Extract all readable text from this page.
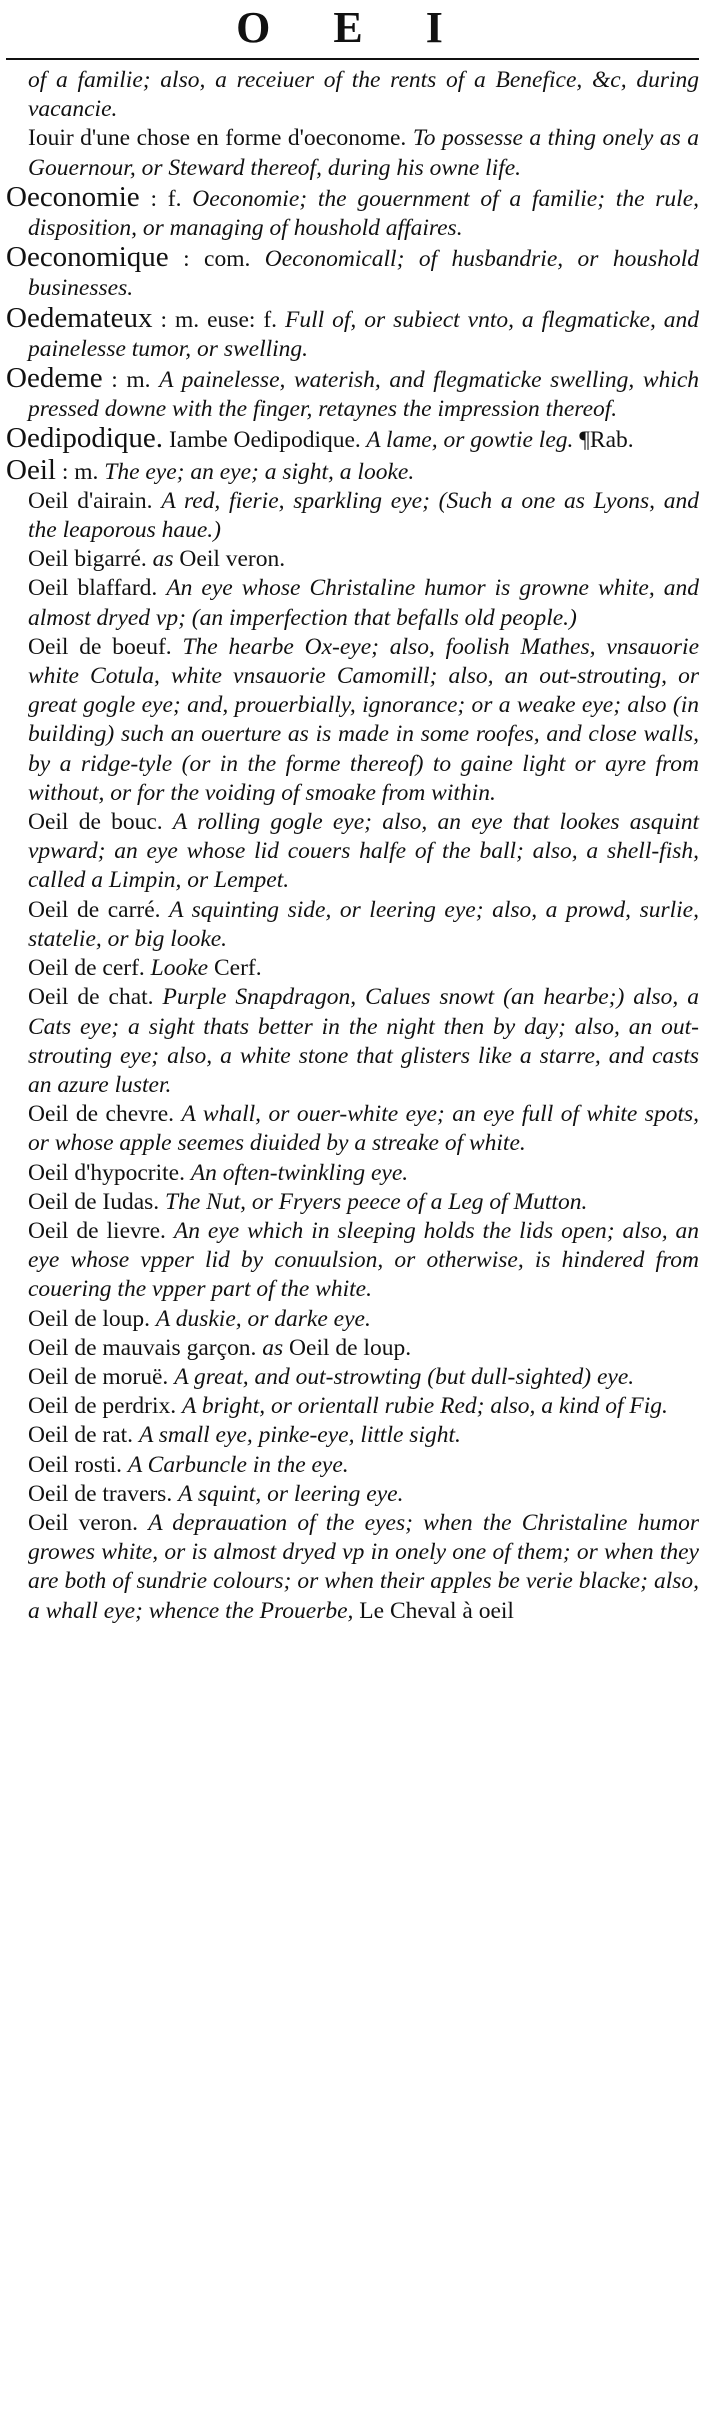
O E I

of a familie; also, a receiuer of the rents of a Benefice, &c, during vacancie.

Iouir d'une chose en forme d'oeconome. To possesse a thing onely as a Gouernour, or Steward thereof, during his owne life.

Oeconomie : f. Oeconomie; the gouernment of a familie; the rule, disposition, or managing of houshold affaires.

Oeconomique : com. Oeconomicall; of husbandrie, or houshold businesses.

Oedemateux : m. euse: f. Full of, or subiect vnto, a flegmaticke, and painelesse tumor, or swelling.

Oedeme : m. A painelesse, waterish, and flegmaticke swelling, which pressed downe with the finger, retaynes the impression thereof.

Oedipodique. Iambe Oedipodique. A lame, or gowtie leg. ¶Rab.

Oeil : m. The eye; an eye; a sight, a looke.

Oeil d'airain. A red, fierie, sparkling eye; (Such a one as Lyons, and the leaporous haue.)

Oeil bigarré. as Oeil veron.

Oeil blaffard. An eye whose Christaline humor is growne white, and almost dryed vp; (an imperfection that befalls old people.)

Oeil de boeuf. The hearbe Ox-eye; also, foolish Mathes, vnsauorie white Cotula, white vnsauorie Camomill; also, an out-strouting, or great gogle eye; and, prouerbially, ignorance; or a weake eye; also (in building) such an ouerture as is made in some roofes, and close walls, by a ridge-tyle (or in the forme thereof) to gaine light or ayre from without, or for the voiding of smoake from within.

Oeil de bouc. A rolling gogle eye; also, an eye that lookes asquint vpward; an eye whose lid couers halfe of the ball; also, a shell-fish, called a Limpin, or Lempet.

Oeil de carré. A squinting side, or leering eye; also, a prowd, surlie, statelie, or big looke.

Oeil de cerf. Looke Cerf.

Oeil de chat. Purple Snapdragon, Calues snowt (an hearbe;) also, a Cats eye; a sight thats better in the night then by day; also, an out-strouting eye; also, a white stone that glisters like a starre, and casts an azure luster.

Oeil de chevre. A whall, or ouer-white eye; an eye full of white spots, or whose apple seemes diuided by a streake of white.

Oeil d'hypocrite. An often-twinkling eye.

Oeil de Iudas. The Nut, or Fryers peece of a Leg of Mutton.

Oeil de lievre. An eye which in sleeping holds the lids open; also, an eye whose vpper lid by conuulsion, or otherwise, is hindered from couering the vpper part of the white.

Oeil de loup. A duskie, or darke eye.

Oeil de mauvais garçon. as Oeil de loup.

Oeil de moruë. A great, and out-strowting (but dull-sighted) eye.

Oeil de perdrix. A bright, or orientall rubie Red; also, a kind of Fig.

Oeil de rat. A small eye, pinke-eye, little sight.

Oeil rosti. A Carbuncle in the eye.

Oeil de travers. A squint, or leering eye.

Oeil veron. A deprauation of the eyes; when the Christaline humor growes white, or is almost dryed vp in onely one of them; or when they are both of sundrie colours; or when their apples be verie blacke; also, a whall eye; whence the Prouerbe, Le Cheval à oeil
